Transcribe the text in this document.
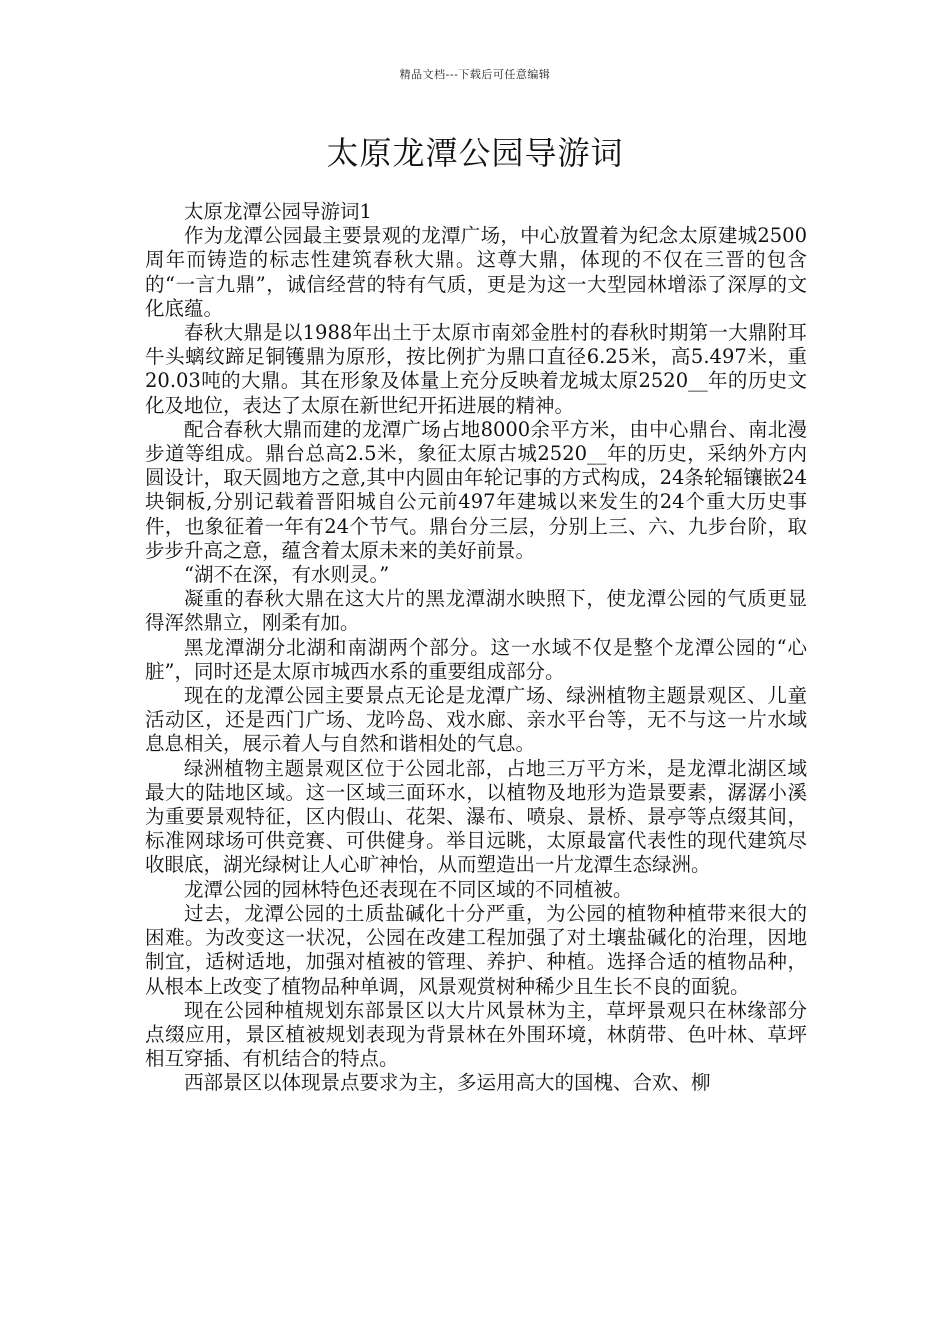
精品文档---下载后可任意编辑
太原龙潭公园导游词

太原龙潭公园导游词1

作为龙潭公园最主要景观的龙潭广场，中心放置着为纪念太原建城2500周年而铸造的标志性建筑春秋大鼎。这尊大鼎，体现的不仅在三晋的包含的“一言九鼎”，诚信经营的特有气质，更是为这一大型园林增添了深厚的文化底蕴。

春秋大鼎是以1988年出土于太原市南郊金胜村的春秋时期第一大鼎附耳牛头螭纹蹄足铜镬鼎为原形，按比例扩为鼎口直径6.25米，高5.497米，重20.03吨的大鼎。其在形象及体量上充分反映着龙城太原2520__年的历史文化及地位，表达了太原在新世纪开拓进展的精神。

配合春秋大鼎而建的龙潭广场占地8000余平方米，由中心鼎台、南北漫步道等组成。鼎台总高2.5米，象征太原古城2520__年的历史，采纳外方内圆设计，取天圆地方之意,其中内圆由年轮记事的方式构成，24条轮辐镶嵌24块铜板,分别记载着晋阳城自公元前497年建城以来发生的24个重大历史事件，也象征着一年有24个节气。鼎台分三层，分别上三、六、九步台阶，取步步升高之意，蕴含着太原未来的美好前景。

“湖不在深，有水则灵。”

凝重的春秋大鼎在这大片的黑龙潭湖水映照下，使龙潭公园的气质更显得浑然鼎立，刚柔有加。

黑龙潭湖分北湖和南湖两个部分。这一水域不仅是整个龙潭公园的“心脏”，同时还是太原市城西水系的重要组成部分。

现在的龙潭公园主要景点无论是龙潭广场、绿洲植物主题景观区、儿童活动区，还是西门广场、龙吟岛、戏水廊、亲水平台等，无不与这一片水域息息相关，展示着人与自然和谐相处的气息。

绿洲植物主题景观区位于公园北部，占地三万平方米，是龙潭北湖区域最大的陆地区域。这一区域三面环水，以植物及地形为造景要素，潺潺小溪为重要景观特征，区内假山、花架、瀑布、喷泉、景桥、景亭等点缀其间，标准网球场可供竞赛、可供健身。举目远眺，太原最富代表性的现代建筑尽收眼底，湖光绿树让人心旷神怡，从而塑造出一片龙潭生态绿洲。

龙潭公园的园林特色还表现在不同区域的不同植被。

过去，龙潭公园的土质盐碱化十分严重，为公园的植物种植带来很大的困难。为改变这一状况，公园在改建工程加强了对土壤盐碱化的治理，因地制宜，适树适地，加强对植被的管理、养护、种植。选择合适的植物品种，从根本上改变了植物品种单调，风景观赏树种稀少且生长不良的面貌。

现在公园种植规划东部景区以大片风景林为主，草坪景观只在林缘部分点缀应用，景区植被规划表现为背景林在外围环境，林荫带、色叶林、草坪相互穿插、有机结合的特点。

西部景区以体现景点要求为主，多运用高大的国槐、合欢、柳
